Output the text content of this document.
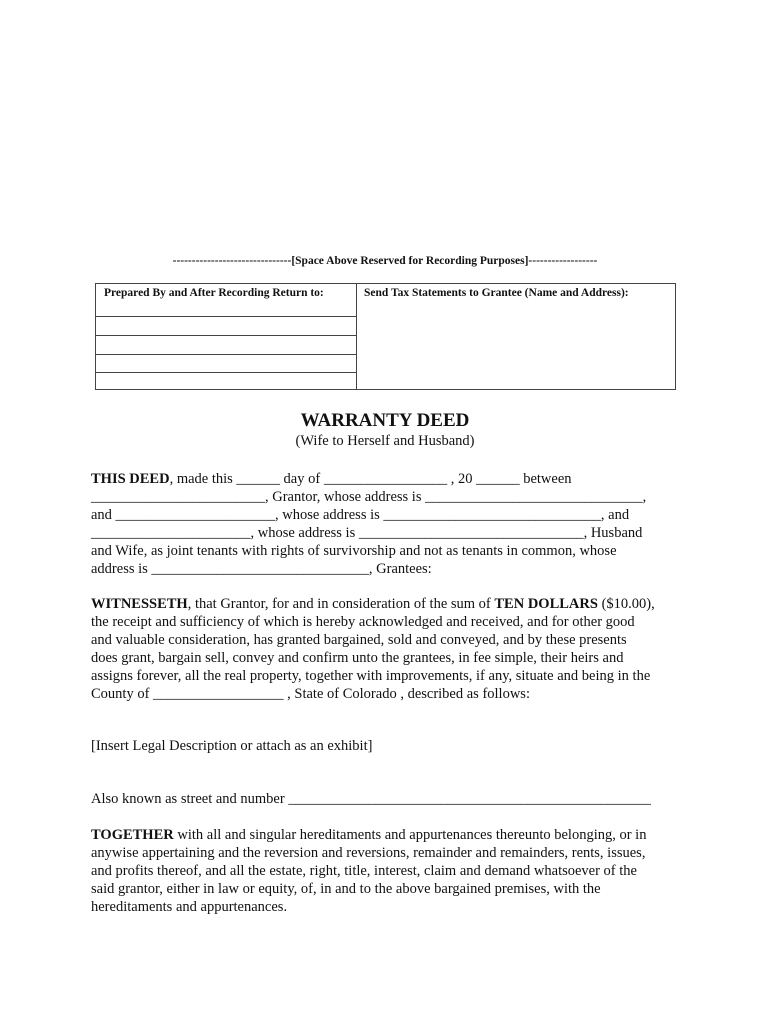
-------------------------------[Space Above Reserved for Recording Purposes]------------------
Prepared By and After Recording Return to:	Send Tax Statements to Grantee (Name and Address):
WARRANTY DEED
(Wife to Herself and Husband)
THIS DEED, made this ______ day of _________________ , 20 ______ between
________________________, Grantor, whose address is ______________________________,
and ______________________, whose address is ______________________________, and
______________________, whose address is _______________________________, Husband
and Wife, as joint tenants with rights of survivorship and not as tenants in common, whose
address is ______________________________, Grantees:
WITNESSETH, that Grantor, for and in consideration of the sum of TEN DOLLARS ($10.00),
the receipt and sufficiency of which is hereby acknowledged and received, and for other good
and valuable consideration, has granted bargained, sold and conveyed, and by these presents
does grant, bargain sell, convey and confirm unto the grantees, in fee simple, their heirs and
assigns forever, all the real property, together with improvements, if any, situate and being in the
County of __________________ , State of Colorado , described as follows:
[Insert Legal Description or attach as an exhibit]
Also known as street and number __________________________________________________
TOGETHER with all and singular hereditaments and appurtenances thereunto belonging, or in
anywise appertaining and the reversion and reversions, remainder and remainders, rents, issues,
and profits thereof, and all the estate, right, title, interest, claim and demand whatsoever of the
said grantor, either in law or equity, of, in and to the above bargained premises, with the
hereditaments and appurtenances.
